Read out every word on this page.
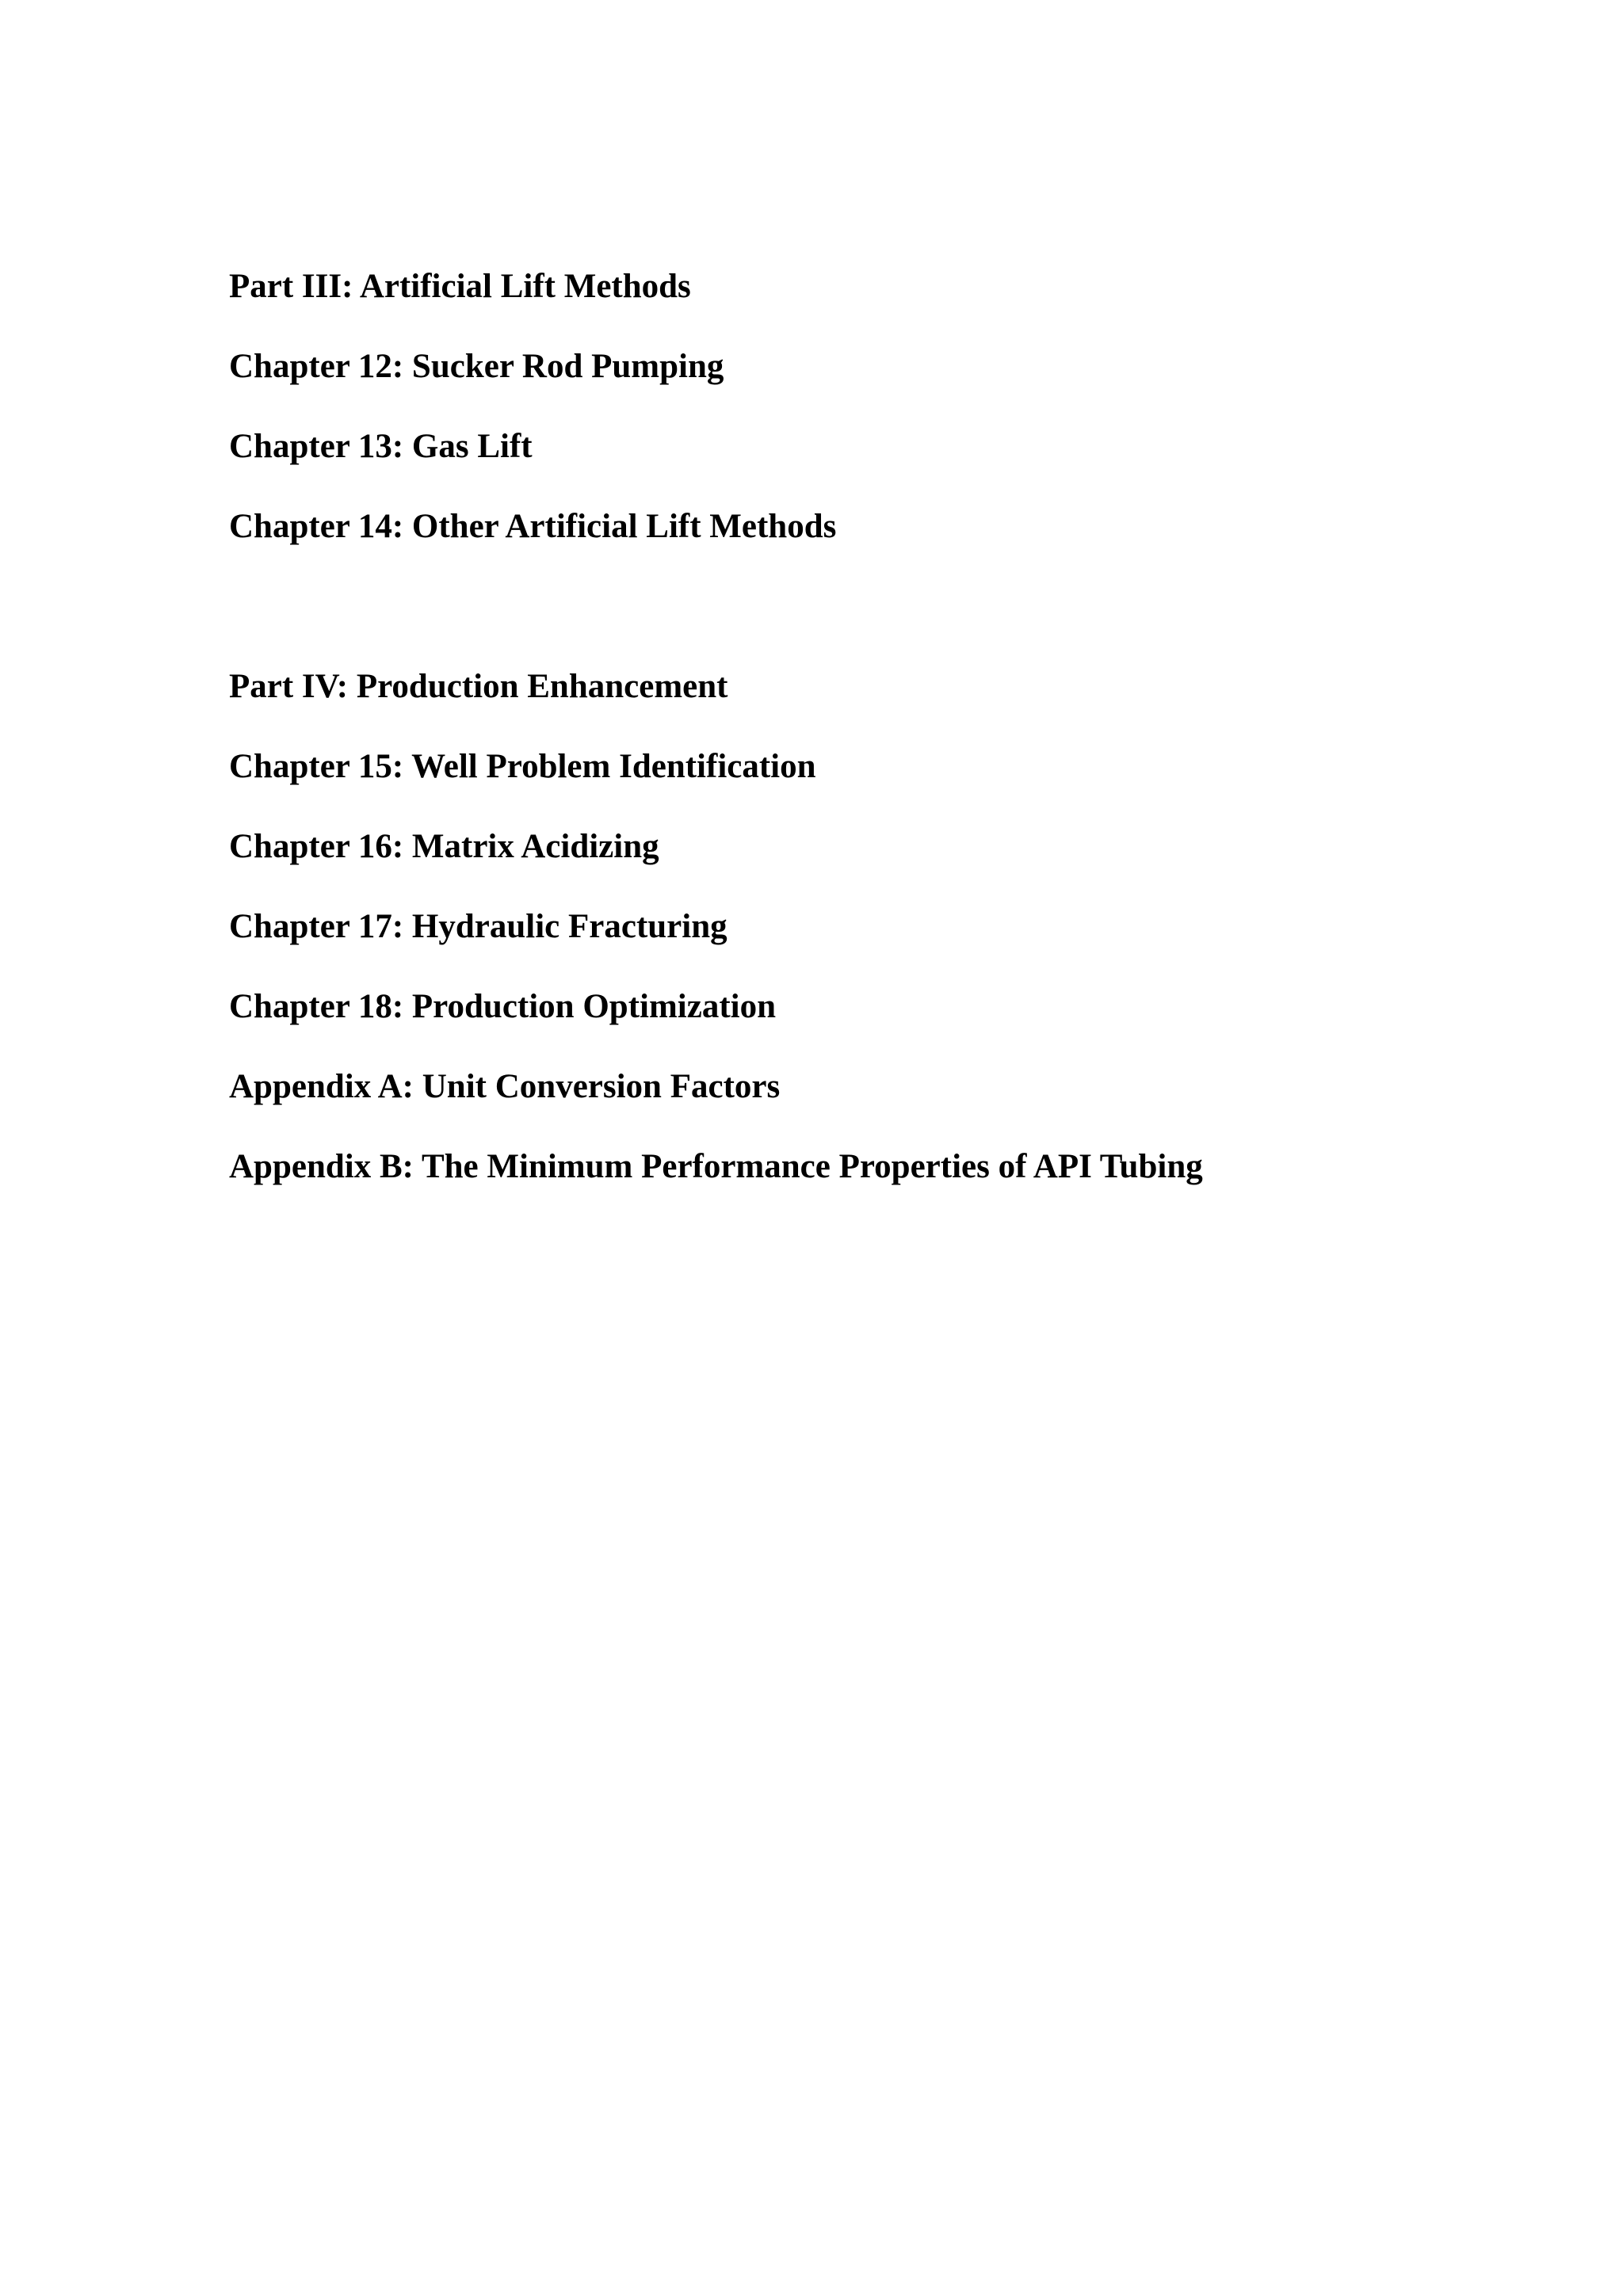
Part III: Artificial Lift Methods
Chapter 12: Sucker Rod Pumping
Chapter 13: Gas Lift
Chapter 14: Other Artificial Lift Methods
Part IV: Production Enhancement
Chapter 15: Well Problem Identification
Chapter 16: Matrix Acidizing
Chapter 17: Hydraulic Fracturing
Chapter 18: Production Optimization
Appendix A: Unit Conversion Factors
Appendix B: The Minimum Performance Properties of API Tubing
